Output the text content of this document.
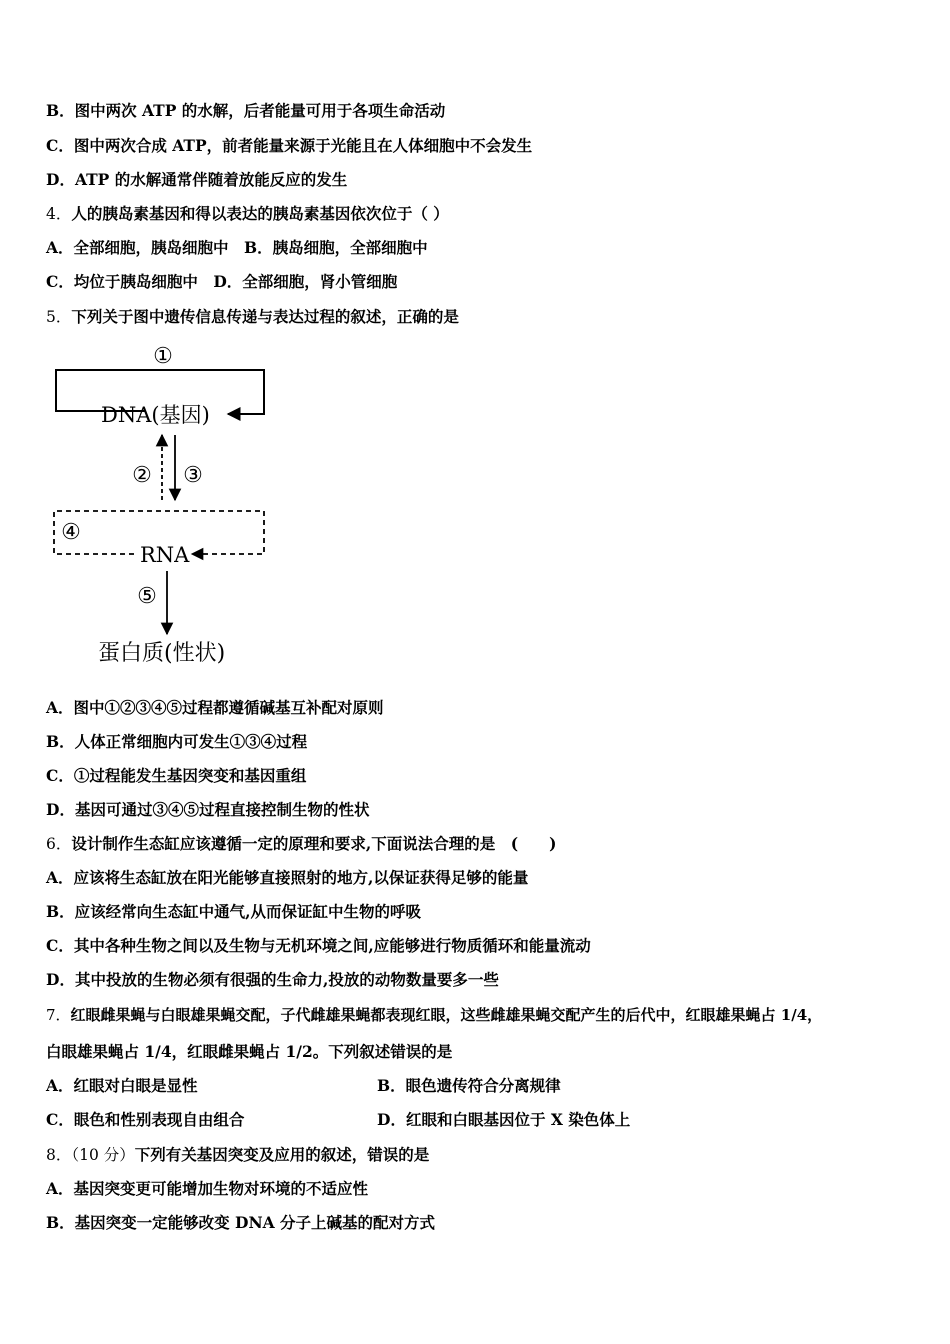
B．图中两次 ATP 的水解，后者能量可用于各项生命活动
C．图中两次合成 ATP，前者能量来源于光能且在人体细胞中不会发生
D．ATP 的水解通常伴随着放能反应的发生
4．人的胰岛素基因和得以表达的胰岛素基因依次位于（ ）
A．全部细胞，胰岛细胞中　B．胰岛细胞，全部细胞中
C．均位于胰岛细胞中　D．全部细胞，肾小管细胞
5．下列关于图中遗传信息传递与表达过程的叙述，正确的是
①
DNA(基因)
② ③
④
RNA
⑤
蛋白质(性状)
A．图中①②③④⑤过程都遵循碱基互补配对原则
B．人体正常细胞内可发生①③④过程
C．①过程能发生基因突变和基因重组
D．基因可通过③④⑤过程直接控制生物的性状
6．设计制作生态缸应该遵循一定的原理和要求,下面说法合理的是　(　　)
A．应该将生态缸放在阳光能够直接照射的地方,以保证获得足够的能量
B．应该经常向生态缸中通气,从而保证缸中生物的呼吸
C．其中各种生物之间以及生物与无机环境之间,应能够进行物质循环和能量流动
D．其中投放的生物必须有很强的生命力,投放的动物数量要多一些
7．红眼雌果蝇与白眼雄果蝇交配，子代雌雄果蝇都表现红眼，这些雌雄果蝇交配产生的后代中，红眼雄果蝇占 1/4，
白眼雄果蝇占 1/4，红眼雌果蝇占 1/2。下列叙述错误的是
A．红眼对白眼是显性	B．眼色遗传符合分离规律
C．眼色和性别表现自由组合	D．红眼和白眼基因位于 X 染色体上
8．（10 分）下列有关基因突变及应用的叙述，错误的是
A．基因突变更可能增加生物对环境的不适应性
B．基因突变一定能够改变 DNA 分子上碱基的配对方式
